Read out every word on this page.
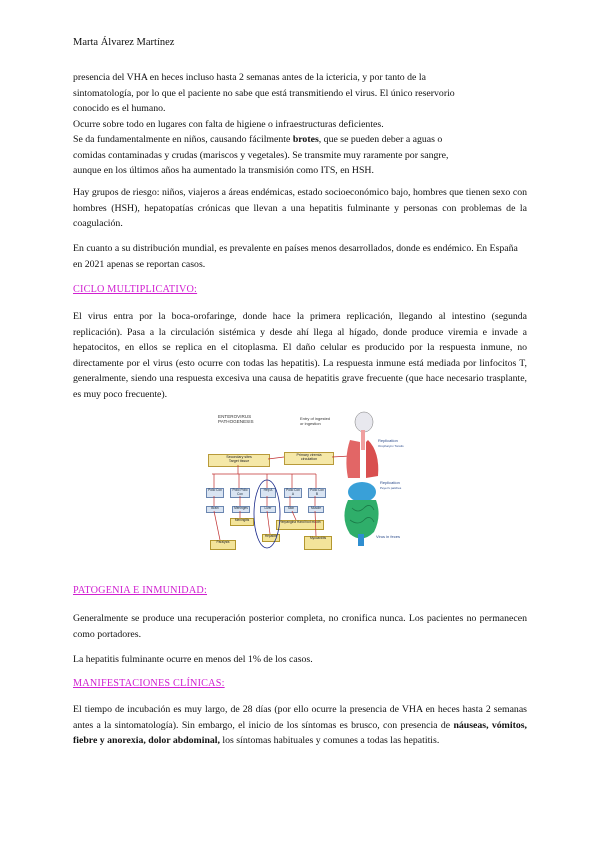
Marta Álvarez Martínez
presencia del VHA en heces incluso hasta 2 semanas antes de la ictericia, y por tanto de la sintomatología, por lo que el paciente no sabe que está transmitiendo el virus. El único reservorio conocido es el humano.
Ocurre sobre todo en lugares con falta de higiene o infraestructuras deficientes.
Se da fundamentalmente en niños, causando fácilmente brotes, que se pueden deber a aguas o comidas contaminadas y crudas (mariscos y vegetales). Se transmite muy raramente por sangre, aunque en los últimos años ha aumentado la transmisión como ITS, en HSH.
Hay grupos de riesgo: niños, viajeros a áreas endémicas, estado socioeconómico bajo, hombres que tienen sexo con hombres (HSH), hepatopatías crónicas que llevan a una hepatitis fulminante y personas con problemas de la coagulación.
En cuanto a su distribución mundial, es prevalente en países menos desarrollados, donde es endémico. En España en 2021 apenas se reportan casos.
CICLO MULTIPLICATIVO:
El virus entra por la boca-orofaringe, donde hace la primera replicación, llegando al intestino (segunda replicación). Pasa a la circulación sistémica y desde ahí llega al hígado, donde produce viremia e invade a hepatocitos, en ellos se replica en el citoplasma. El daño celular es producido por la respuesta inmune, no directamente por el virus (esto ocurre con todas las hepatitis). La respuesta inmune está mediada por linfocitos T, generalmente, siendo una respuesta excesiva una causa de hepatitis grave frecuente (que hace necesario trasplante, es muy poco frecuente).
ENTEROVIRUS
PATHOGENESIS
Entry of ingested
or ingestion
Replication
Oropharynx Tonsils
Replication
Peyer's patches
Virus in feces
Secondary sites
Target tissue
Primary viremia
circulation
Polio Cox	Polio Polio Cox
Hep A	Polio Cox A
Polio Cox B
Brain	Meninges	Liver	Skin	Muscle
Meningitis	Herpangina Hand foot mouth
Hepatitis
Paralysis
Myocarditis
PATOGENIA E INMUNIDAD:
Generalmente se produce una recuperación posterior completa, no cronifica nunca. Los pacientes no permanecen como portadores.
La hepatitis fulminante ocurre en menos del 1% de los casos.
MANIFESTACIONES CLÍNICAS:
El tiempo de incubación es muy largo, de 28 días (por ello ocurre la presencia de VHA en heces hasta 2 semanas antes a la sintomatología). Sin embargo, el inicio de los síntomas es brusco, con presencia de náuseas, vómitos, fiebre y anorexia, dolor abdominal, los síntomas habituales y comunes a todas las hepatitis.
